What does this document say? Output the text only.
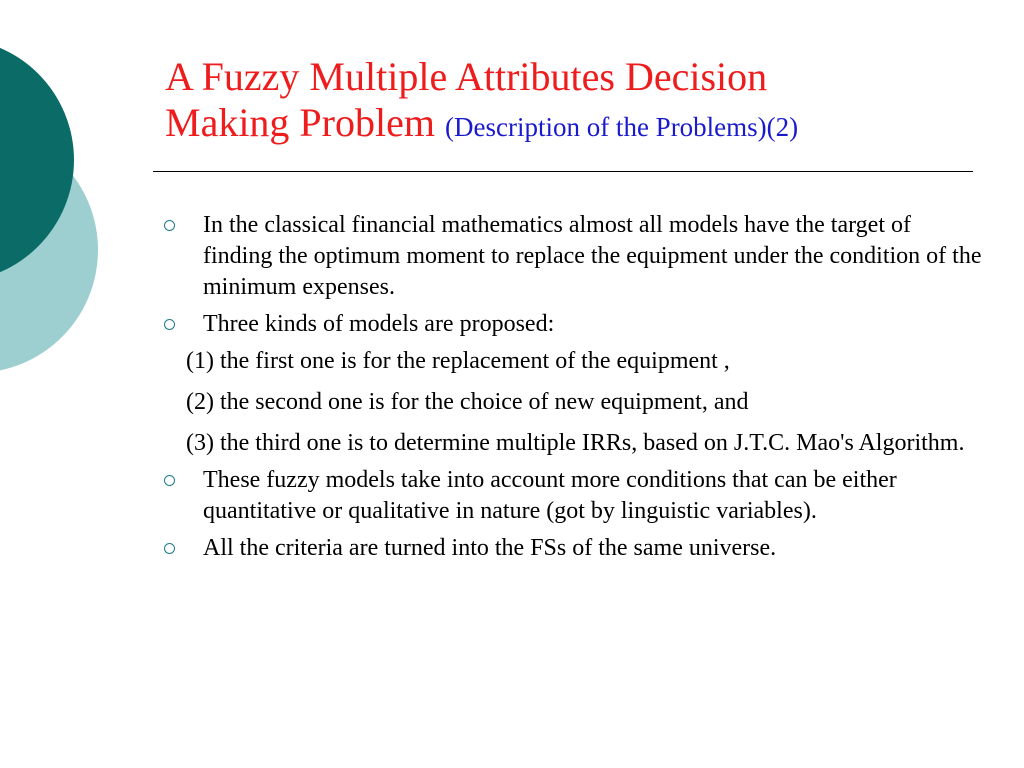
A Fuzzy Multiple Attributes Decision
Making Problem (Description of the Problems)(2)
In the classical financial mathematics almost all models have the target of finding the optimum moment to replace the equipment under the condition of the minimum expenses.
Three kinds of models are proposed:
(1) the first one is for the replacement of the equipment ,
(2) the second one is for the choice of new equipment, and
(3) the third one is to determine multiple IRRs, based on J.T.C. Mao's Algorithm.
These fuzzy models take into account more conditions that can be either quantitative or qualitative in nature (got by linguistic variables).
All the criteria are turned into the FSs of the same universe.
